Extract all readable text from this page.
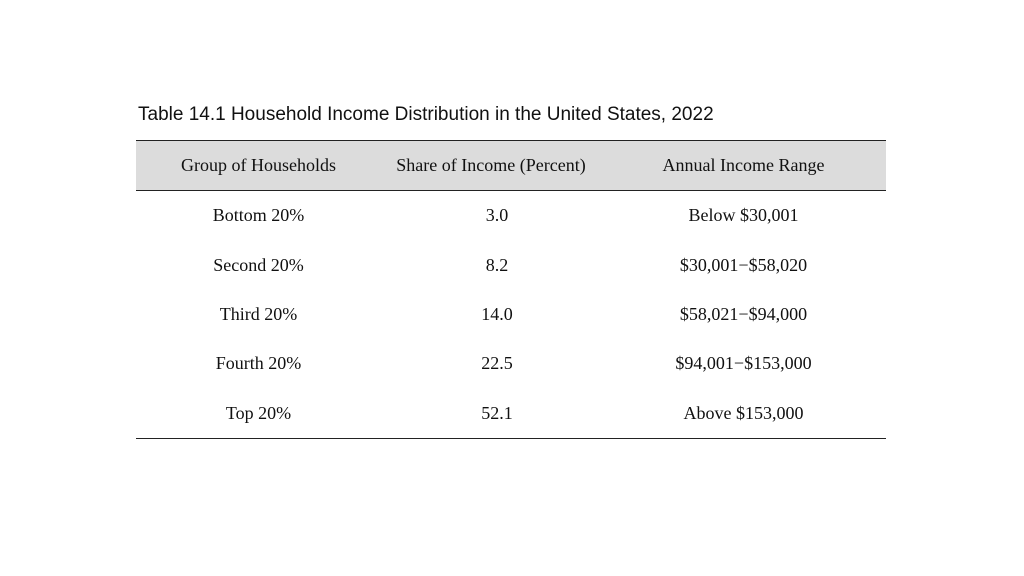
Table 14.1 Household Income Distribution in the United States, 2022
Group of Households	Share of Income (Percent)	Annual Income Range
Bottom 20%	3.0	Below $30,001
Second 20%	8.2	$30,001−$58,020
Third 20%	14.0	$58,021−$94,000
Fourth 20%	22.5	$94,001−$153,000
Top 20%	52.1	Above $153,000
